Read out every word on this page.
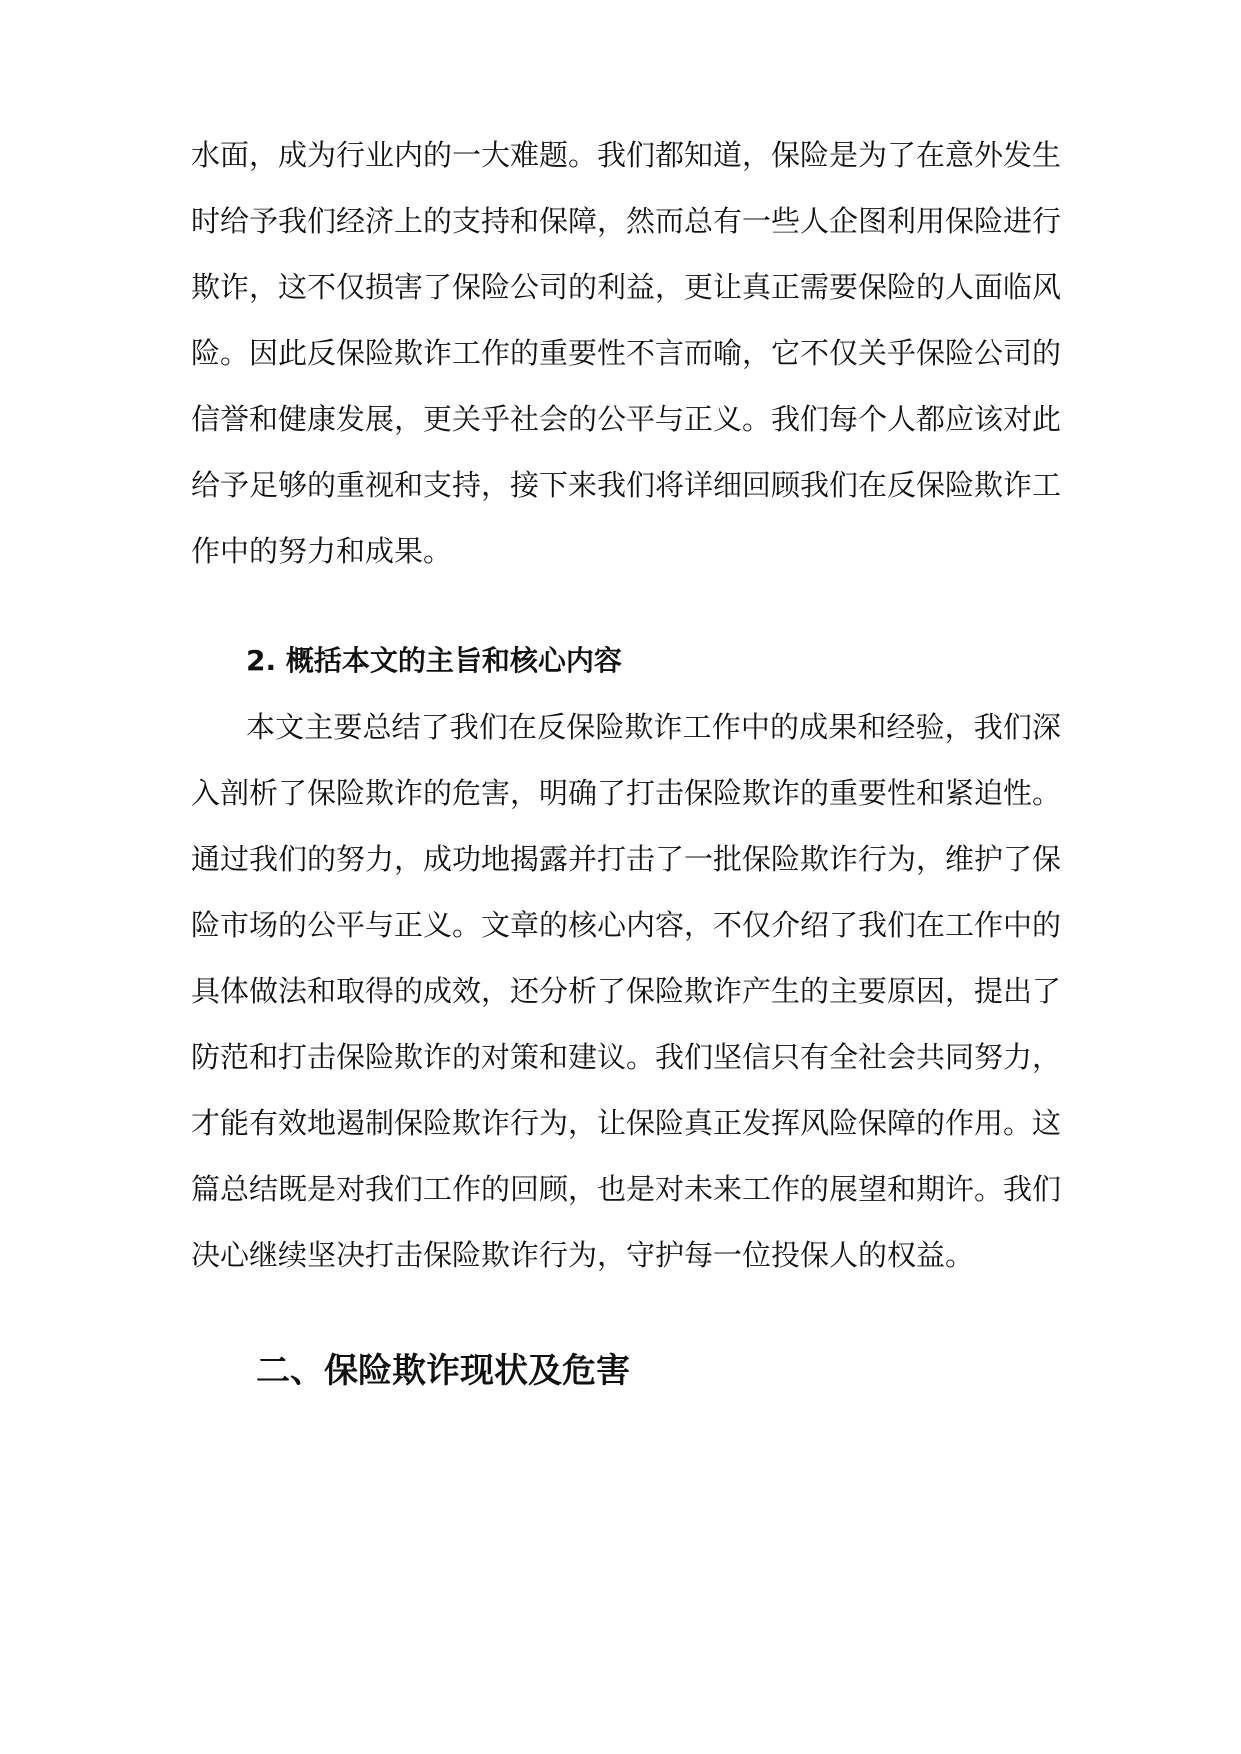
水面，成为行业内的一大难题。我们都知道，保险是为了在意外发生
时给予我们经济上的支持和保障，然而总有一些人企图利用保险进行
欺诈，这不仅损害了保险公司的利益，更让真正需要保险的人面临风
险。因此反保险欺诈工作的重要性不言而喻，它不仅关乎保险公司的
信誉和健康发展，更关乎社会的公平与正义。我们每个人都应该对此
给予足够的重视和支持，接下来我们将详细回顾我们在反保险欺诈工
作中的努力和成果。
2. 概括本文的主旨和核心内容
本文主要总结了我们在反保险欺诈工作中的成果和经验，我们深
入剖析了保险欺诈的危害，明确了打击保险欺诈的重要性和紧迫性。
通过我们的努力，成功地揭露并打击了一批保险欺诈行为，维护了保
险市场的公平与正义。文章的核心内容，不仅介绍了我们在工作中的
具体做法和取得的成效，还分析了保险欺诈产生的主要原因，提出了
防范和打击保险欺诈的对策和建议。我们坚信只有全社会共同努力，
才能有效地遏制保险欺诈行为，让保险真正发挥风险保障的作用。这
篇总结既是对我们工作的回顾，也是对未来工作的展望和期许。我们
决心继续坚决打击保险欺诈行为，守护每一位投保人的权益。
二、保险欺诈现状及危害
